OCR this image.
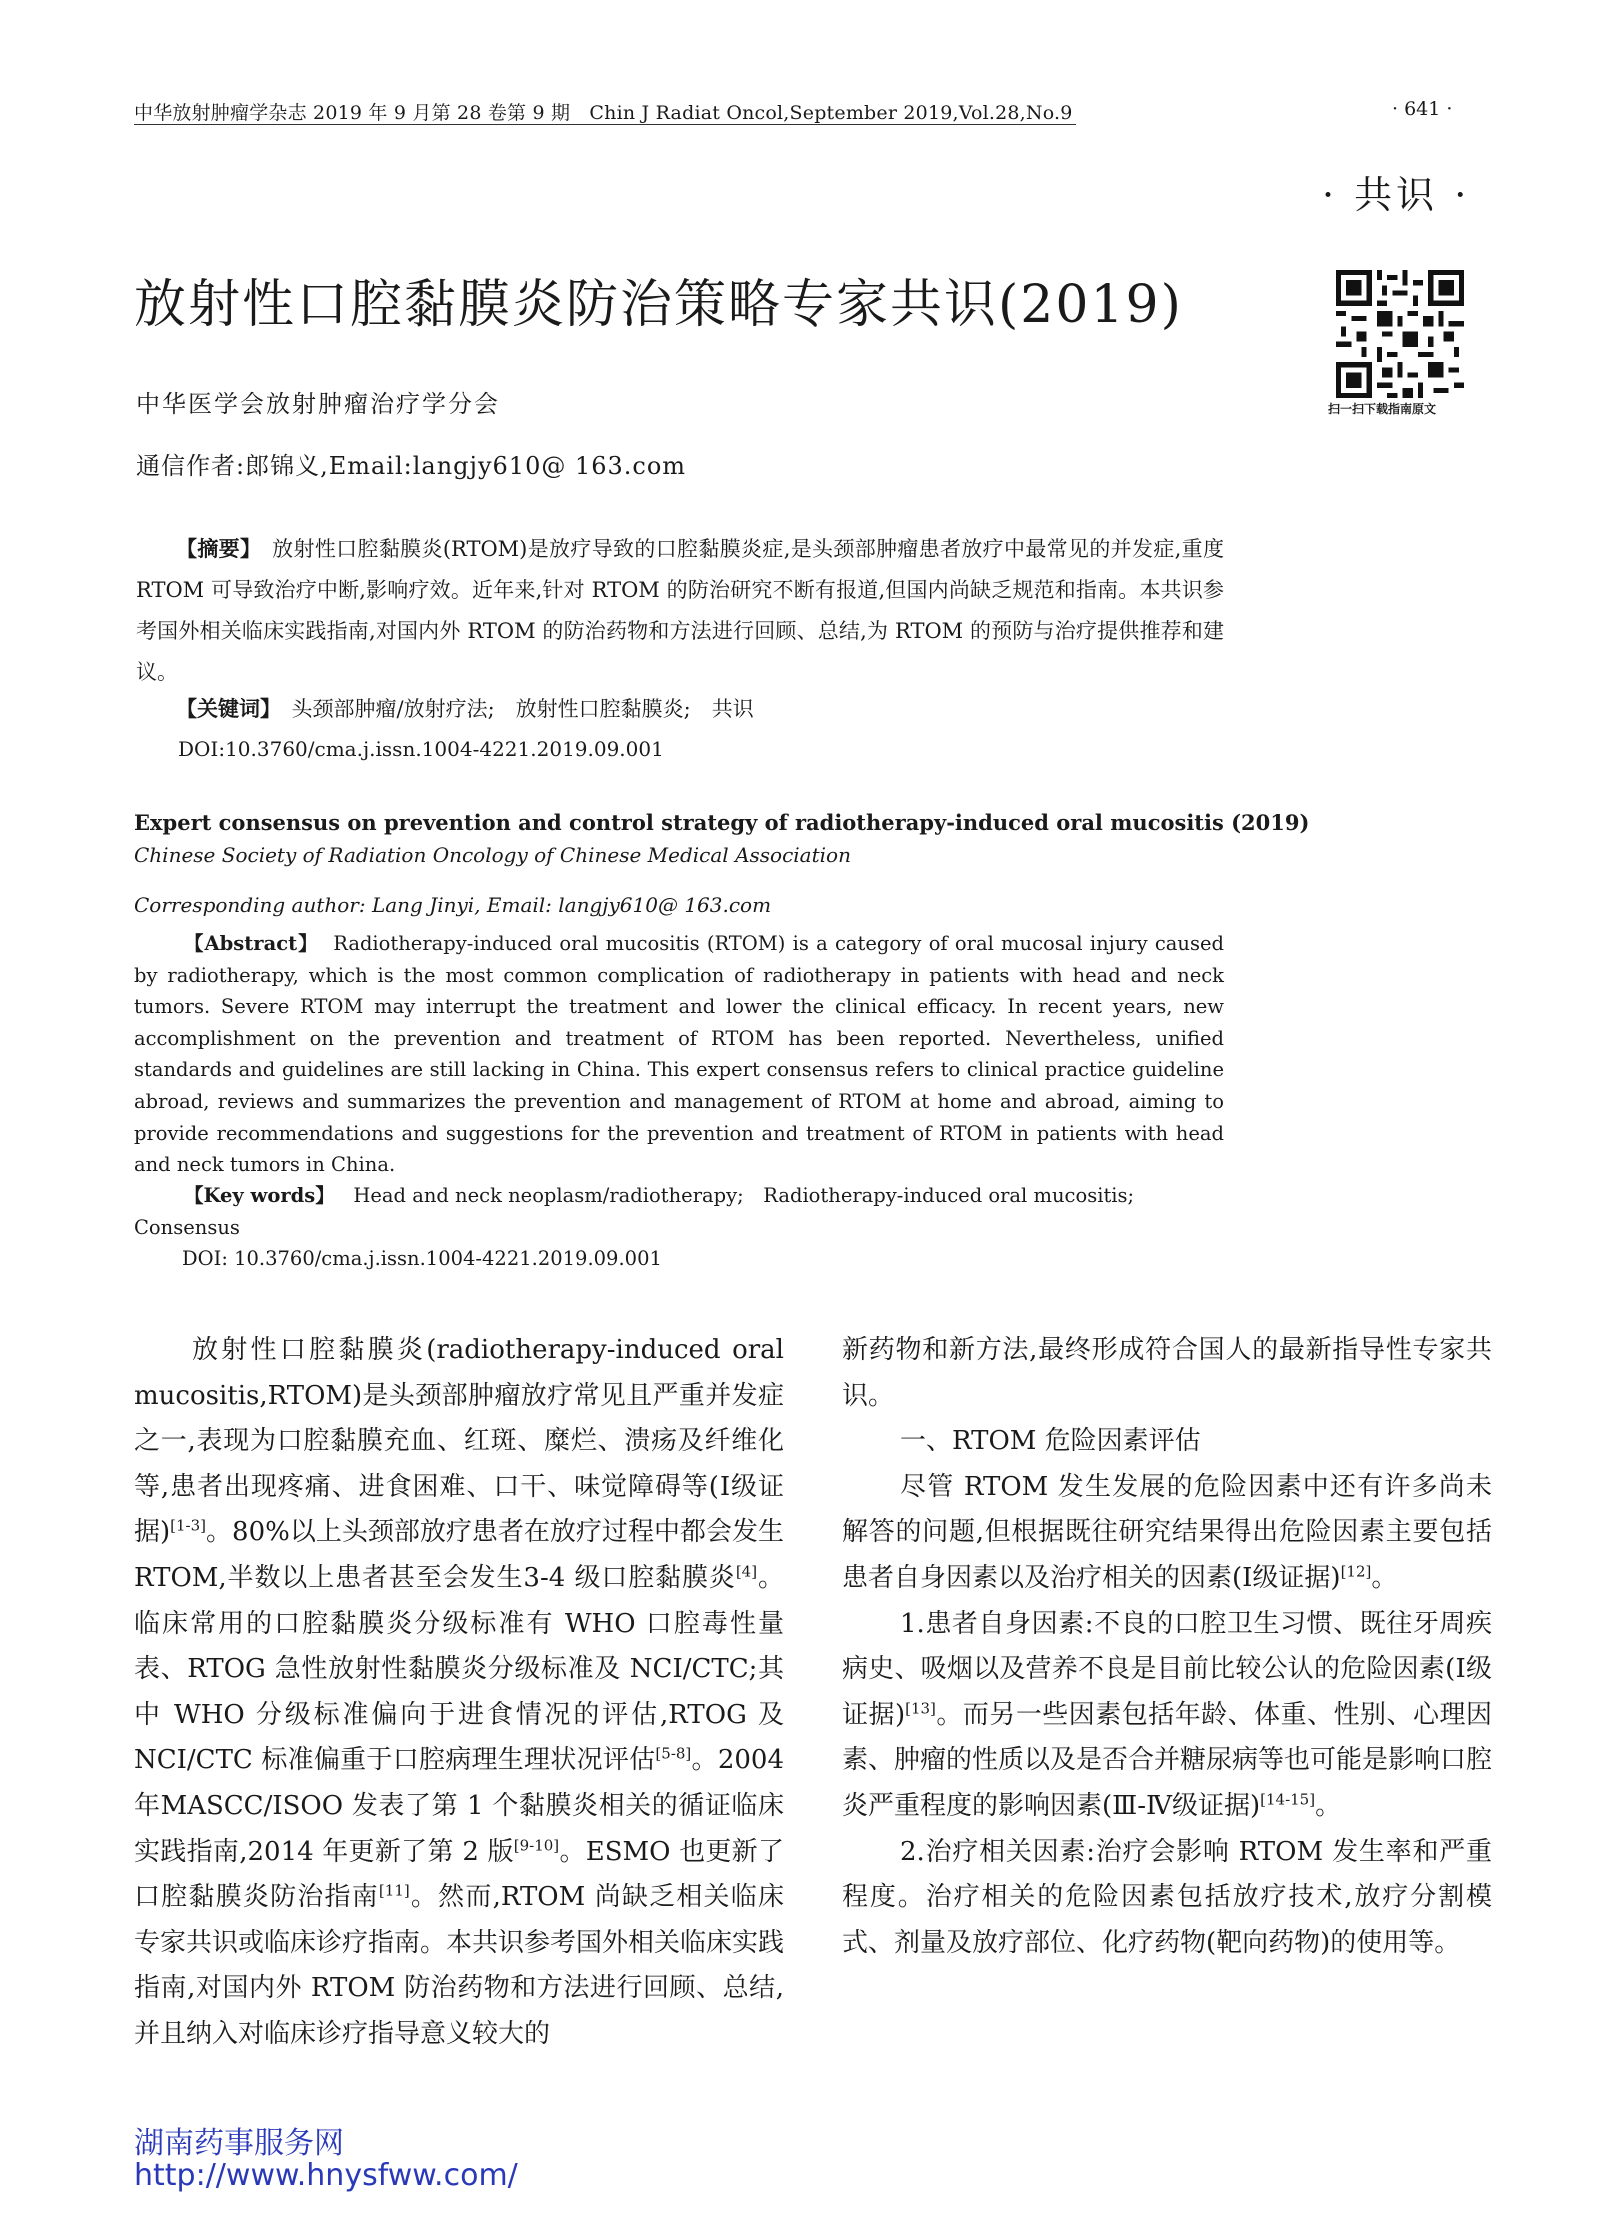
中华放射肿瘤学杂志 2019 年 9 月第 28 卷第 9 期　Chin J Radiat Oncol,September 2019,Vol.28,No.9	· 641 ·
· 共识 ·
放射性口腔黏膜炎防治策略专家共识(2019)
扫一扫下载指南原文
中华医学会放射肿瘤治疗学分会
通信作者:郎锦义,Email:langjy610@ 163.com

【摘要】　 放射性口腔黏膜炎(RTOM)是放疗导致的口腔黏膜炎症,是头颈部肿瘤患者放疗中最常见的并发症,重度 RTOM 可导致治疗中断,影响疗效。近年来,针对 RTOM 的防治研究不断有报道,但国内尚缺乏规范和指南。本共识参考国外相关临床实践指南,对国内外 RTOM 的防治药物和方法进行回顾、总结,为 RTOM 的预防与治疗提供推荐和建议。

【关键词】　 头颈部肿瘤/放射疗法;　放射性口腔黏膜炎;　共识
DOI:10.3760/cma.j.issn.1004-4221.2019.09.001
Expert consensus on prevention and control strategy of radiotherapy-induced oral mucositis (2019)
Chinese Society of Radiation Oncology of Chinese Medical Association
Corresponding author: Lang Jinyi, Email: langjy610@ 163.com

【Abstract】 Radiotherapy-induced oral mucositis (RTOM) is a category of oral mucosal injury caused by radiotherapy, which is the most common complication of radiotherapy in patients with head and neck tumors. Severe RTOM may interrupt the treatment and lower the clinical efficacy. In recent years, new accomplishment on the prevention and treatment of RTOM has been reported. Nevertheless, unified standards and guidelines are still lacking in China. This expert consensus refers to clinical practice guideline abroad, reviews and summarizes the prevention and management of RTOM at home and abroad, aiming to provide recommendations and suggestions for the prevention and treatment of RTOM in patients with head and neck tumors in China.

【Key words】 Head and neck neoplasm/radiotherapy;　Radiotherapy-induced oral mucositis;　Consensus

DOI: 10.3760/cma.j.issn.1004-4221.2019.09.001

放射性口腔黏膜炎(radiotherapy-induced oral mucositis,RTOM)是头颈部肿瘤放疗常见且严重并发症之一,表现为口腔黏膜充血、红斑、糜烂、溃疡及纤维化等,患者出现疼痛、进食困难、口干、味觉障碍等(Ⅰ级证据)[1-3]。80%以上头颈部放疗患者在放疗过程中都会发生 RTOM,半数以上患者甚至会发生3-4 级口腔黏膜炎[4]。临床常用的口腔黏膜炎分级标准有 WHO 口腔毒性量表、RTOG 急性放射性黏膜炎分级标准及 NCI/CTC;其中 WHO 分级标准偏向于进食情况的评估,RTOG 及 NCI/CTC 标准偏重于口腔病理生理状况评估[5-8]。2004 年MASCC/ISOO 发表了第 1 个黏膜炎相关的循证临床实践指南,2014 年更新了第 2 版[9-10]。ESMO 也更新了口腔黏膜炎防治指南[11]。然而,RTOM 尚缺乏相关临床专家共识或临床诊疗指南。本共识参考国外相关临床实践指南,对国内外 RTOM 防治药物和方法进行回顾、总结,并且纳入对临床诊疗指导意义较大的

新药物和新方法,最终形成符合国人的最新指导性专家共识。

一、RTOM 危险因素评估

尽管 RTOM 发生发展的危险因素中还有许多尚未解答的问题,但根据既往研究结果得出危险因素主要包括患者自身因素以及治疗相关的因素(Ⅰ级证据)[12]。

1.患者自身因素:不良的口腔卫生习惯、既往牙周疾病史、吸烟以及营养不良是目前比较公认的危险因素(Ⅰ级证据)[13]。而另一些因素包括年龄、体重、性别、心理因素、肿瘤的性质以及是否合并糖尿病等也可能是影响口腔炎严重程度的影响因素(Ⅲ-Ⅳ级证据)[14-15]。

2.治疗相关因素:治疗会影响 RTOM 发生率和严重程度。治疗相关的危险因素包括放疗技术,放疗分割模式、剂量及放疗部位、化疗药物(靶向药物)的使用等。

湖南药事服务网
http://www.hnysfww.com/
